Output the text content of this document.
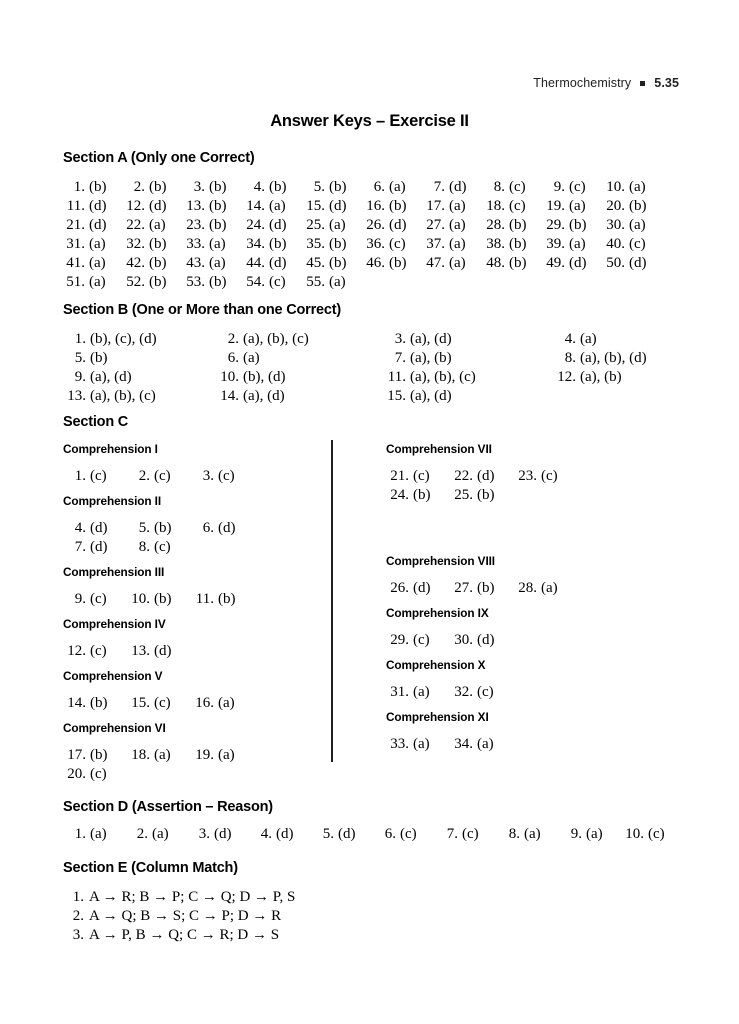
Thermochemistry 5.35
Answer Keys – Exercise II
Section A (Only one Correct)
1. (b)	2. (b)	3. (b)	4. (b)	5. (b)	6. (a)	7. (d)	8. (c)	9. (c) 10. (a)
11. (d) 12. (d) 13. (b) 14. (a) 15. (d) 16. (b) 17. (a) 18. (c) 19. (a) 20. (b)
21. (d) 22. (a) 23. (b) 24. (d) 25. (a) 26. (d) 27. (a) 28. (b) 29. (b) 30. (a)
31. (a) 32. (b) 33. (a) 34. (b) 35. (b) 36. (c) 37. (a) 38. (b) 39. (a) 40. (c)
41. (a) 42. (b) 43. (a) 44. (d) 45. (b) 46. (b) 47. (a) 48. (b) 49. (d) 50. (d)
51. (a) 52. (b) 53. (b) 54. (c) 55. (a)
Section B (One or More than one Correct)
1. (b), (c), (d)	2. (a), (b), (c)	3. (a), (d)	4. (a)
5. (b)	6. (a)	7. (a), (b)	8. (a), (b), (d)
9. (a), (d)	10. (b), (d)	11. (a), (b), (c)	12. (a), (b)
13. (a), (b), (c)	14. (a), (d)	15. (a), (d)
Section C
Comprehension I
1. (c)	2. (c)	3. (c)
Comprehension II
4. (d)	5. (b)	6. (d)
7. (d)	8. (c)
Comprehension III
9. (c) 10. (b) 11. (b)
Comprehension IV
12. (c) 13. (d)
Comprehension V
14. (b) 15. (c) 16. (a)
Comprehension VI
17. (b) 18. (a) 19. (a)
20. (c)
Comprehension VII
21. (c) 22. (d) 23. (c)
24. (b) 25. (b)
Comprehension VIII
26. (d) 27. (b) 28. (a)
Comprehension IX
29. (c) 30. (d)
Comprehension X
31. (a) 32. (c)
Comprehension XI
33. (a) 34. (a)
Section D (Assertion – Reason)
1. (a)	2. (a)	3. (d)	4. (d)	5. (d)	6. (c)	7. (c)	8. (a)	9. (a) 10. (c)
Section E (Column Match)
1. A → R; B → P; C → Q; D → P, S
2. A → Q; B → S; C → P; D → R
3. A → P, B → Q; C → R; D → S
